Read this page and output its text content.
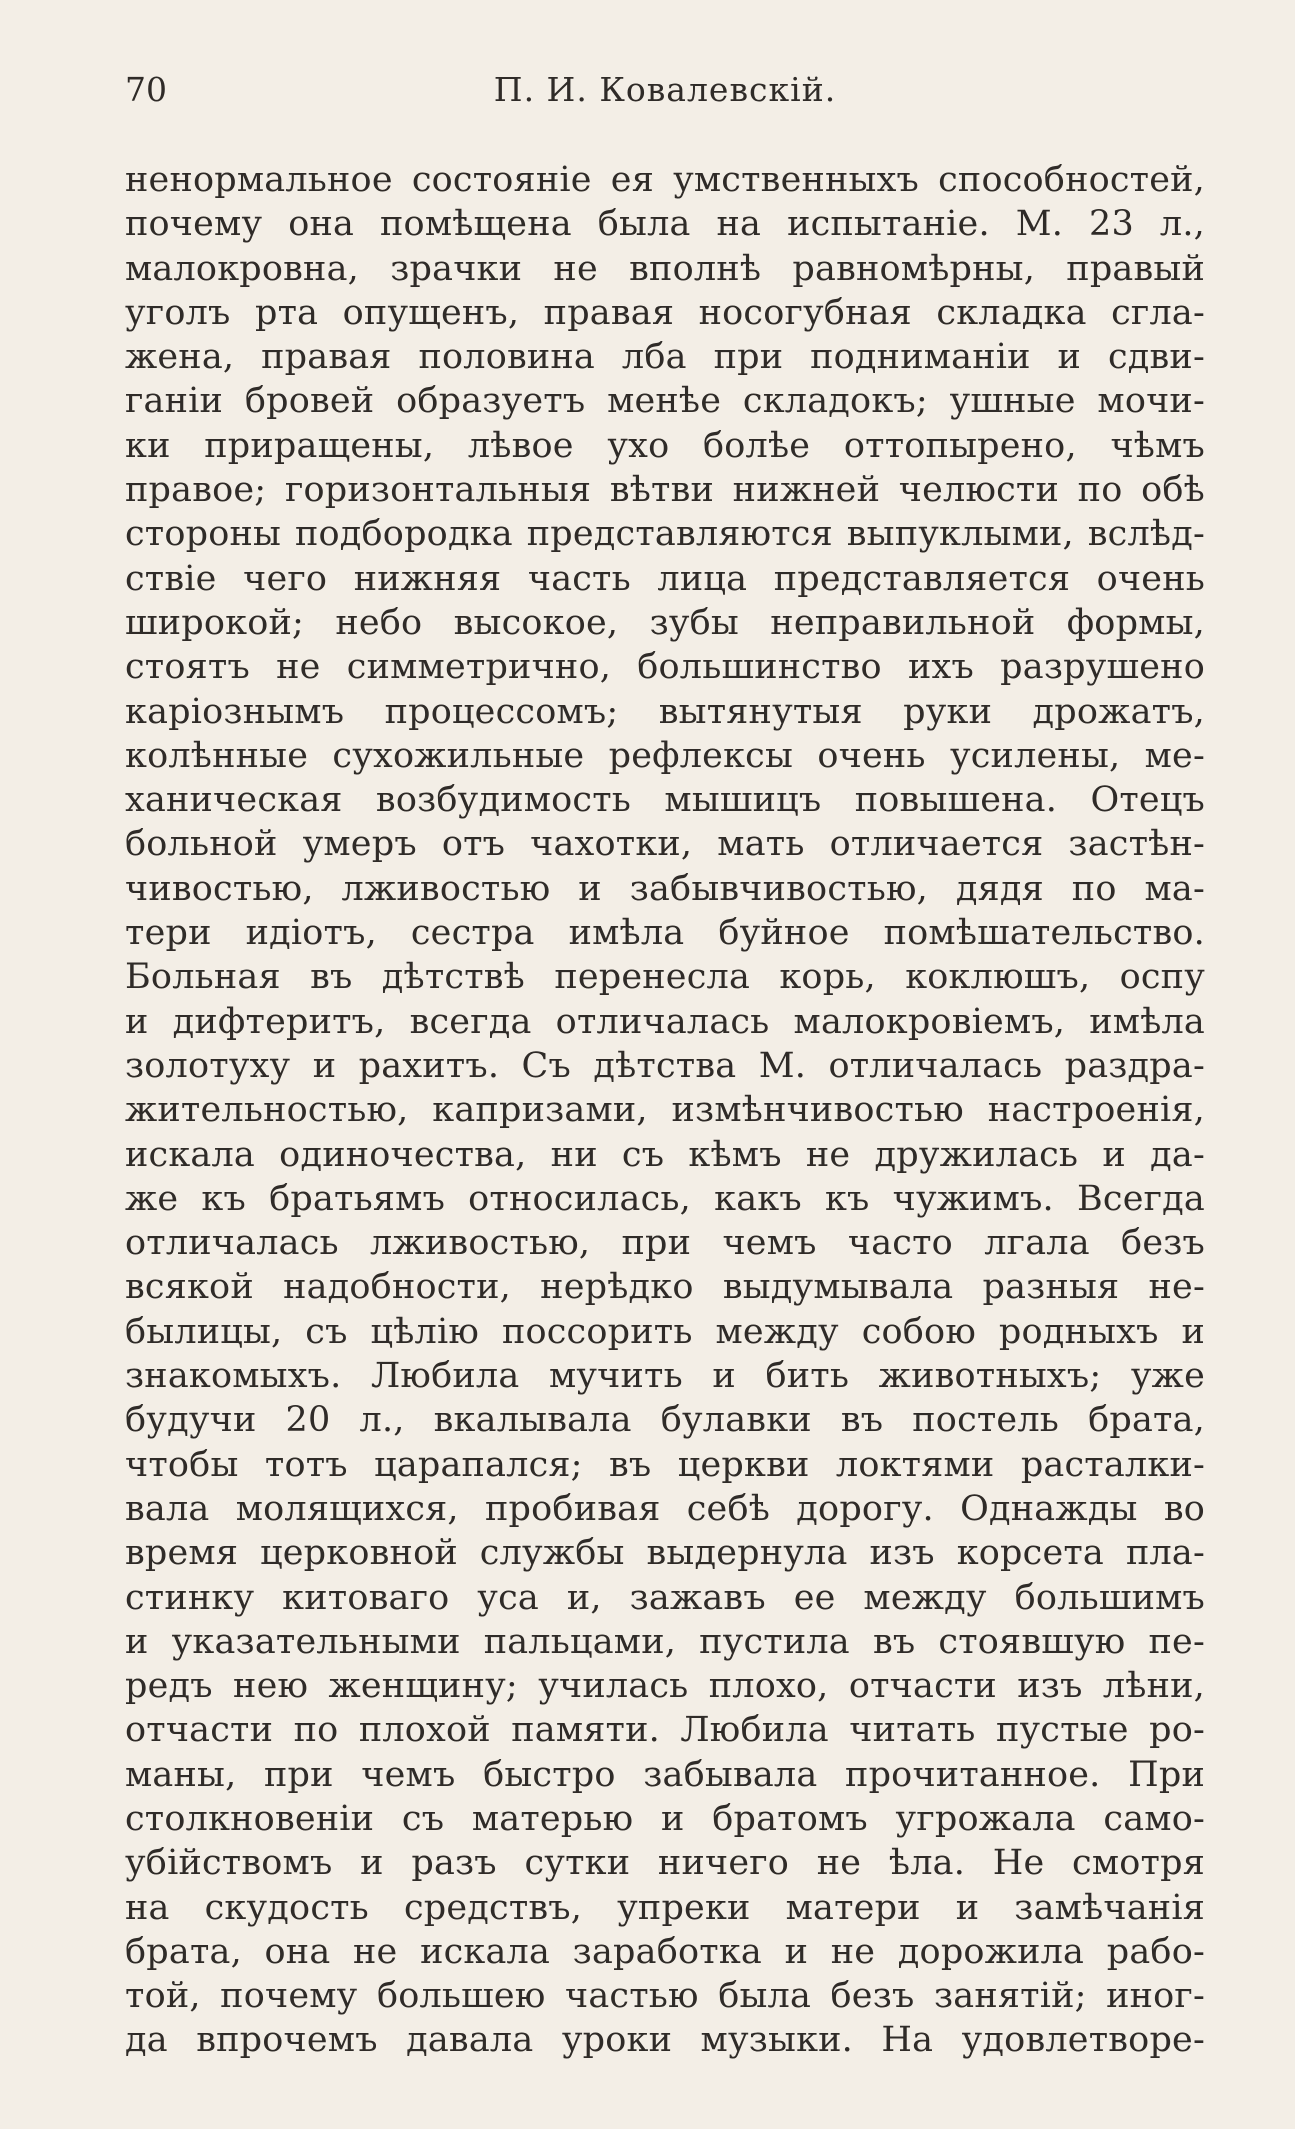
70	П. И. Ковалевскій.
ненормальное состояніе ея умственныхъ способностей,
почему она помѣщена была на испытаніе. М. 23 л.,
малокровна, зрачки не вполнѣ равномѣрны, правый
уголъ рта опущенъ, правая носогубная складка сгла-
жена, правая половина лба при подниманіи и сдви-
ганіи бровей образуетъ менѣе складокъ; ушные мочи-
ки приращены, лѣвое ухо болѣе оттопырено, чѣмъ
правое; горизонтальныя вѣтви нижней челюсти по обѣ
стороны подбородка представляются выпуклыми, вслѣд-
ствіе чего нижняя часть лица представляется очень
широкой; небо высокое, зубы неправильной формы,
стоятъ не симметрично, большинство ихъ разрушено
каріознымъ процессомъ; вытянутыя руки дрожатъ,
колѣнные сухожильные рефлексы очень усилены, ме-
ханическая возбудимость мышицъ повышена. Отецъ
больной умеръ отъ чахотки, мать отличается застѣн-
чивостью, лживостью и забывчивостью, дядя по ма-
тери идіотъ, сестра имѣла буйное помѣшательство.
Больная въ дѣтствѣ перенесла корь, коклюшъ, оспу
и дифтеритъ, всегда отличалась малокровіемъ, имѣла
золотуху и рахитъ. Съ дѣтства М. отличалась раздра-
жительностью, капризами, измѣнчивостью настроенія,
искала одиночества, ни съ кѣмъ не дружилась и да-
же къ братьямъ относилась, какъ къ чужимъ. Всегда
отличалась лживостью, при чемъ часто лгала безъ
всякой надобности, нерѣдко выдумывала разныя не-
былицы, съ цѣлію поссорить между собою родныхъ и
знакомыхъ. Любила мучить и бить животныхъ; уже
будучи 20 л., вкалывала булавки въ постель брата,
чтобы тотъ царапался; въ церкви локтями расталки-
вала молящихся, пробивая себѣ дорогу. Однажды во
время церковной службы выдернула изъ корсета пла-
стинку китоваго уса и, зажавъ ее между большимъ
и указательными пальцами, пустила въ стоявшую пе-
редъ нею женщину; училась плохо, отчасти изъ лѣни,
отчасти по плохой памяти. Любила читать пустые ро-
маны, при чемъ быстро забывала прочитанное. При
столкновеніи съ матерью и братомъ угрожала само-
убійствомъ и разъ сутки ничего не ѣла. Не смотря
на скудость средствъ, упреки матери и замѣчанія
брата, она не искала заработка и не дорожила рабо-
той, почему большею частью была безъ занятій; иног-
да впрочемъ давала уроки музыки. На удовлетворе-
